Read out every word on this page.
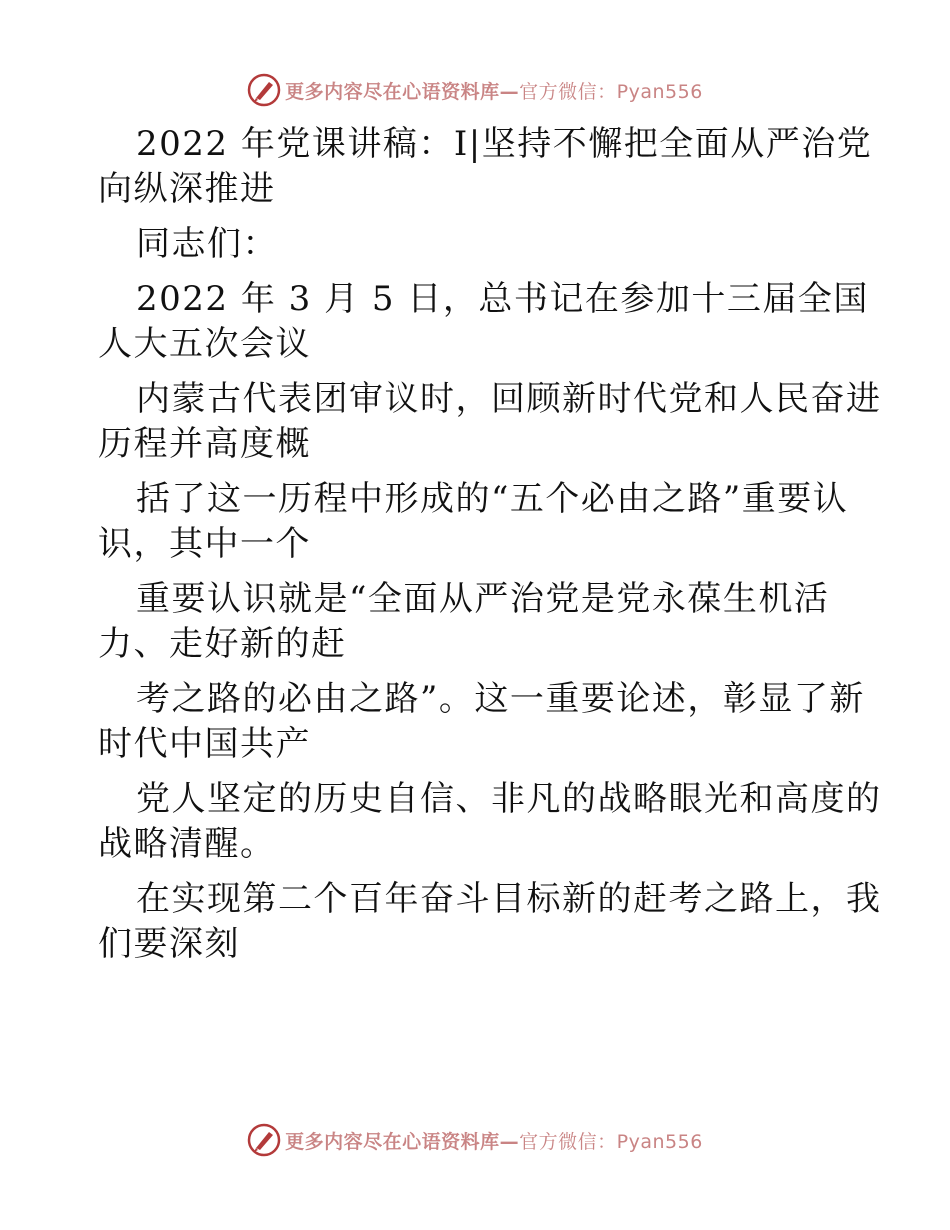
更多内容尽在心语资料库—官方微信：Pyan556

2022 年党课讲稿：I|坚持不懈把全面从严治党

向纵深推进

同志们：

2022 年 3 月 5 日，总书记在参加十三届全国

人大五次会议

内蒙古代表团审议时，回顾新时代党和人民奋进

历程并高度概

括了这一历程中形成的“五个必由之路”重要认

识，其中一个

重要认识就是“全面从严治党是党永葆生机活

力、走好新的赶

考之路的必由之路”。这一重要论述，彰显了新

时代中国共产

党人坚定的历史自信、非凡的战略眼光和高度的

战略清醒。

在实现第二个百年奋斗目标新的赶考之路上，我

们要深刻

更多内容尽在心语资料库—官方微信：Pyan556
